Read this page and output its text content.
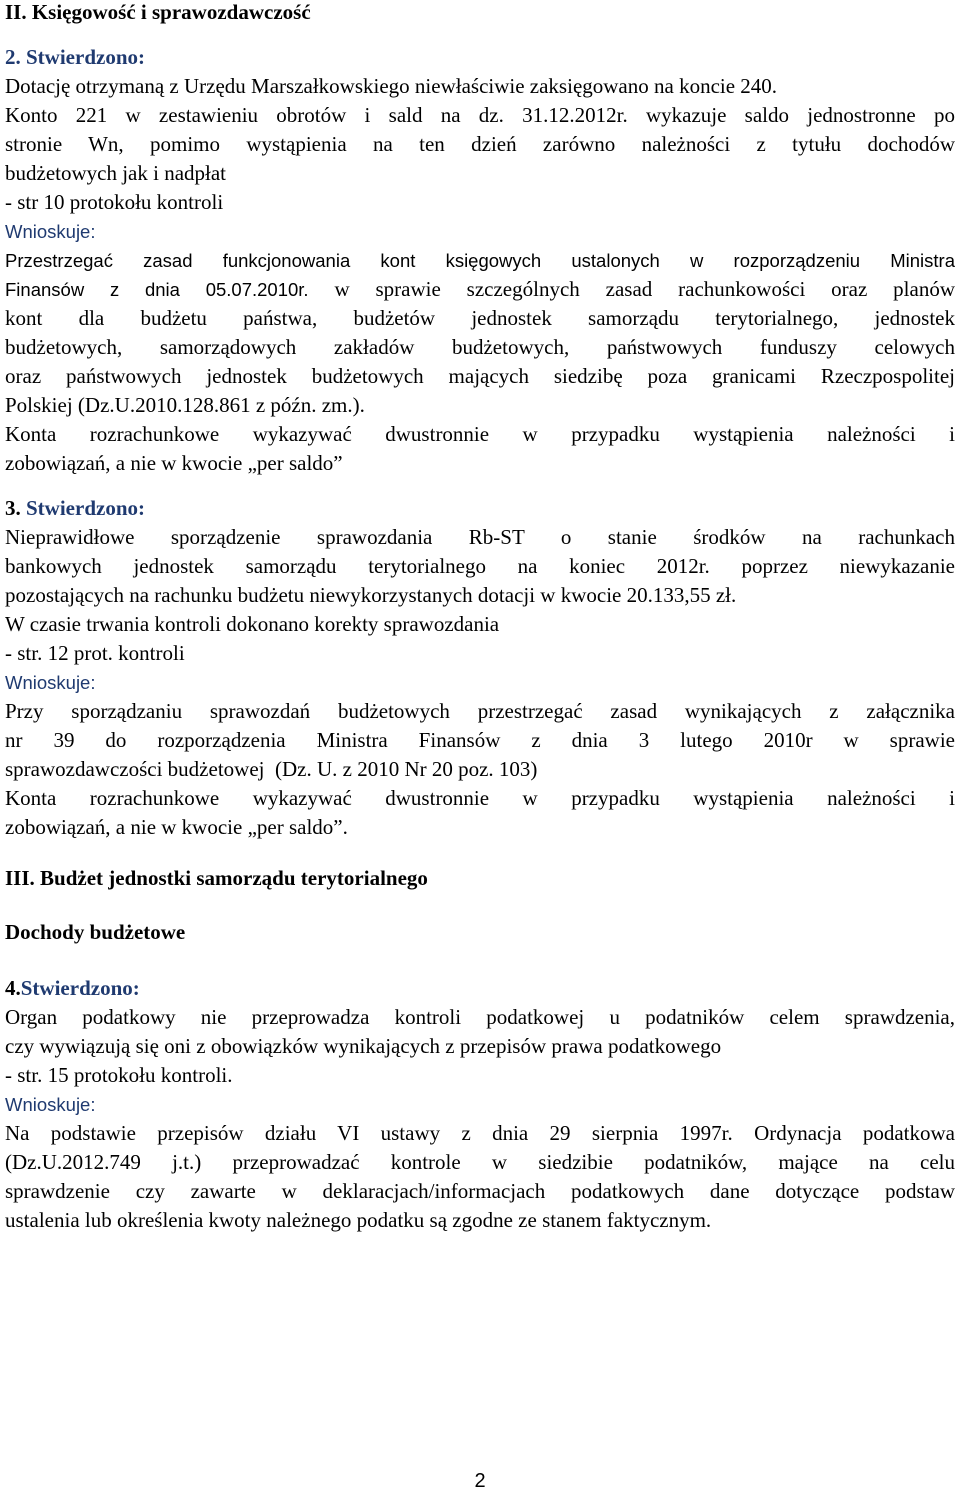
II. Księgowość i sprawozdawczość
2. Stwierdzono:
Dotację otrzymaną z Urzędu Marszałkowskiego niewłaściwie zaksięgowano na koncie 240.
Konto 221 w zestawieniu obrotów i sald na dz. 31.12.2012r. wykazuje saldo jednostronne po
stronie Wn, pomimo wystąpienia na ten dzień zarówno należności z tytułu dochodów
budżetowych jak i nadpłat
- str 10 protokołu kontroli
Wnioskuje:
Przestrzegać zasad funkcjonowania kont księgowych ustalonych w rozporządzeniu Ministra
Finansów z dnia 05.07.2010r. w sprawie szczególnych zasad rachunkowości oraz planów
kont dla budżetu państwa, budżetów jednostek samorządu terytorialnego, jednostek
budżetowych, samorządowych zakładów budżetowych, państwowych funduszy celowych
oraz państwowych jednostek budżetowych mających siedzibę poza granicami Rzeczpospolitej
Polskiej (Dz.U.2010.128.861 z późn. zm.).
Konta rozrachunkowe wykazywać dwustronnie w przypadku wystąpienia należności i
zobowiązań, a nie w kwocie „per saldo”
3. Stwierdzono:
Nieprawidłowe sporządzenie sprawozdania Rb-ST o stanie środków na rachunkach
bankowych jednostek samorządu terytorialnego na koniec 2012r. poprzez niewykazanie
pozostających na rachunku budżetu niewykorzystanych dotacji w kwocie 20.133,55 zł.
W czasie trwania kontroli dokonano korekty sprawozdania
- str. 12 prot. kontroli
Wnioskuje:
Przy sporządzaniu sprawozdań budżetowych przestrzegać zasad wynikających z załącznika
nr 39 do rozporządzenia Ministra Finansów z dnia 3 lutego 2010r w sprawie
sprawozdawczości budżetowej  (Dz. U. z 2010 Nr 20 poz. 103)
Konta rozrachunkowe wykazywać dwustronnie w przypadku wystąpienia należności i
zobowiązań, a nie w kwocie „per saldo”.
III. Budżet jednostki samorządu terytorialnego
Dochody budżetowe
4.Stwierdzono:
Organ podatkowy nie przeprowadza kontroli podatkowej u podatników celem sprawdzenia,
czy wywiązują się oni z obowiązków wynikających z przepisów prawa podatkowego
- str. 15 protokołu kontroli.
Wnioskuje:
Na podstawie przepisów działu VI ustawy z dnia 29 sierpnia 1997r. Ordynacja podatkowa
(Dz.U.2012.749 j.t.) przeprowadzać kontrole w siedzibie podatników, mające na celu
sprawdzenie czy zawarte w deklaracjach/informacjach podatkowych dane dotyczące podstaw
ustalenia lub określenia kwoty należnego podatku są zgodne ze stanem faktycznym.
2
